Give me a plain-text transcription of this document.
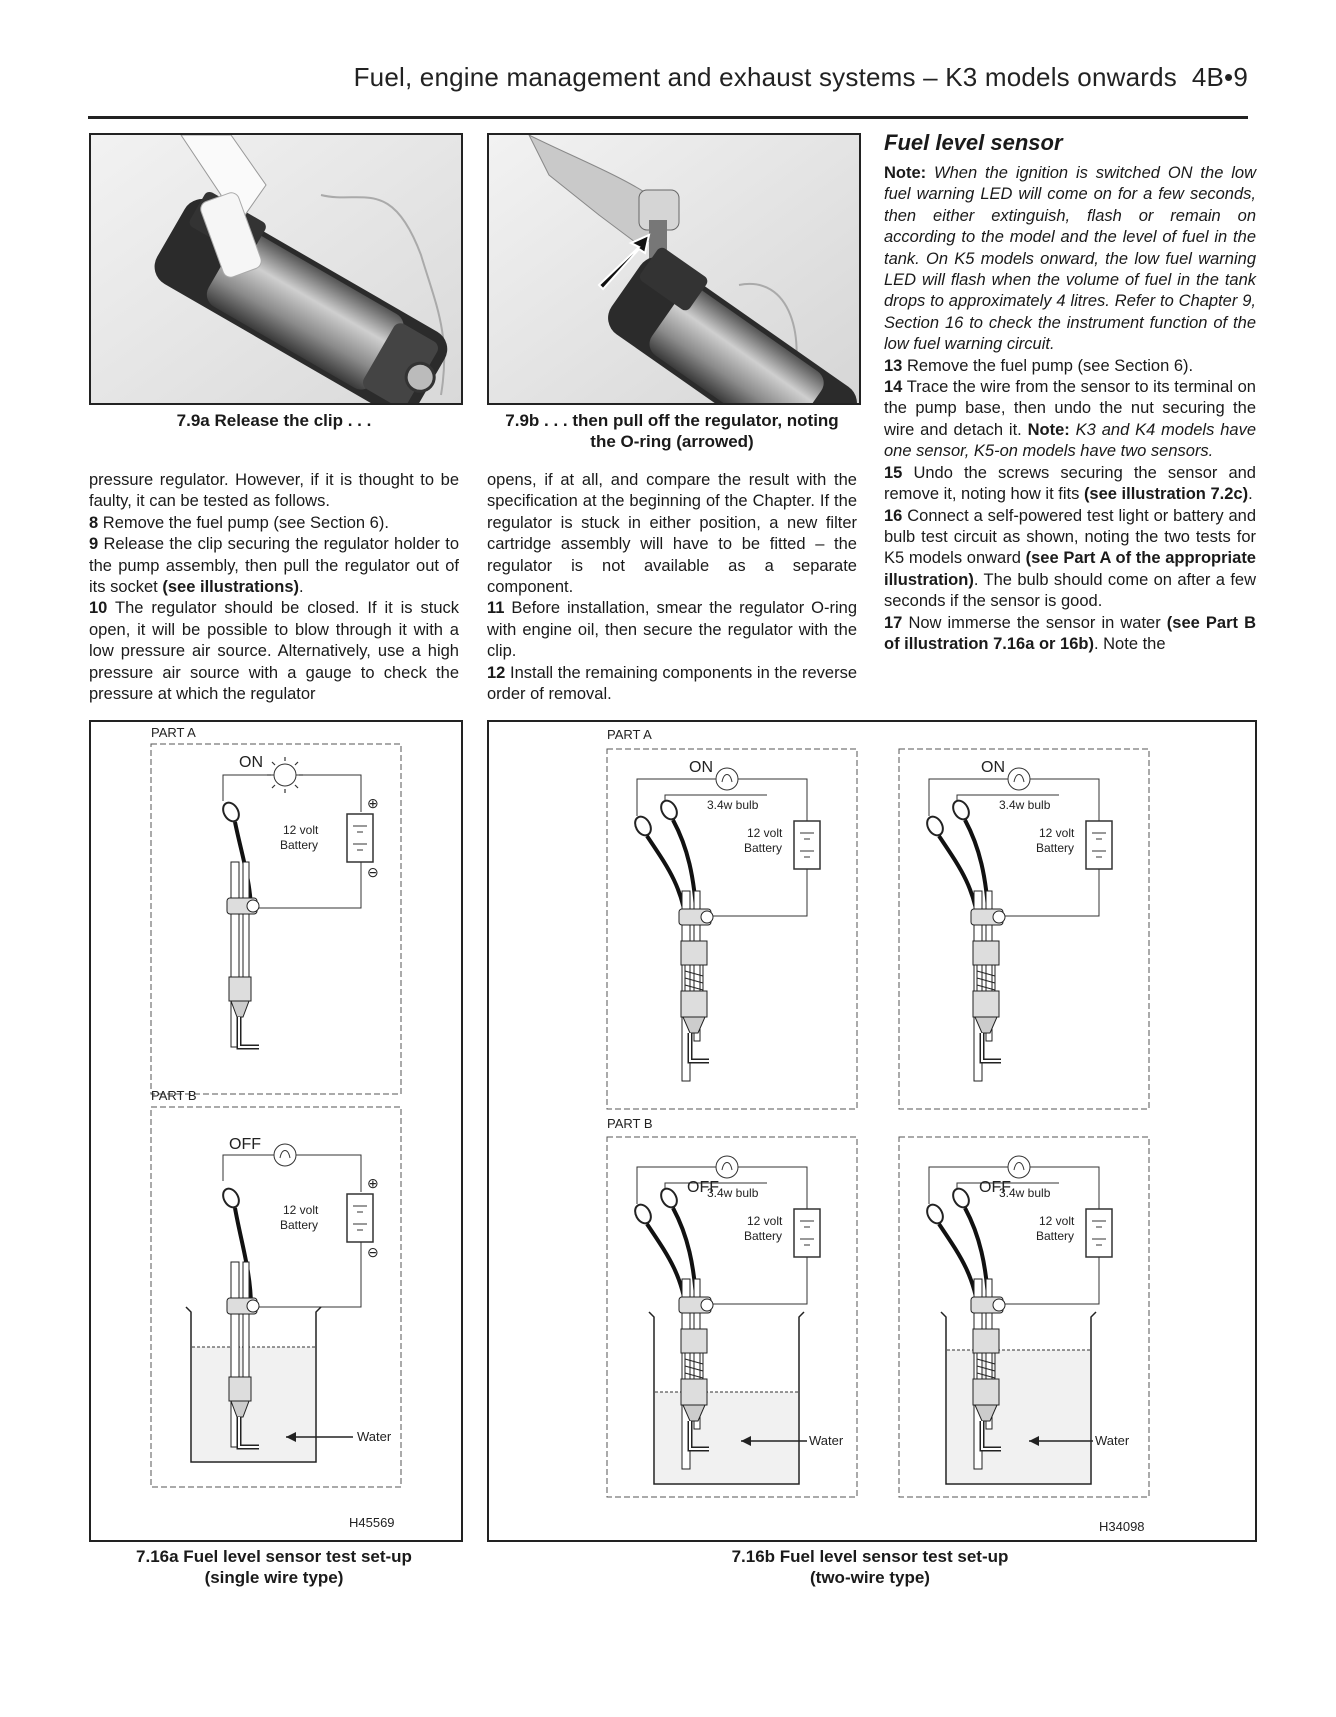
Fuel, engine management and exhaust systems – K3 models onwards 4B•9
7.9a Release the clip . . .	7.9b . . . then pull off the regulator, noting
the O-ring (arrowed)

pressure regulator. However, if it is thought to be faulty, it can be tested as follows.

8 Remove the fuel pump (see Section 6).

9 Release the clip securing the regulator holder to the pump assembly, then pull the regulator out of its socket (see illustrations).

10 The regulator should be closed. If it is stuck open, it will be possible to blow through it with a low pressure air source. Alternatively, use a high pressure air source with a gauge to check the pressure at which the regulator

opens, if at all, and compare the result with the specification at the beginning of the Chapter. If the regulator is stuck in either position, a new filter cartridge assembly will have to be fitted – the regulator is not available as a separate component.

11 Before installation, smear the regulator O-ring with engine oil, then secure the regulator with the clip.

12 Install the remaining components in the reverse order of removal.

Fuel level sensor

Note: When the ignition is switched ON the low fuel warning LED will come on for a few seconds, then either extinguish, flash or remain on according to the model and the level of fuel in the tank. On K5 models onward, the low fuel warning LED will flash when the volume of fuel in the tank drops to approximately 4 litres. Refer to Chapter 9, Section 16 to check the instrument function of the low fuel warning circuit.

13 Remove the fuel pump (see Section 6).

14 Trace the wire from the sensor to its terminal on the pump base, then undo the nut securing the wire and detach it. Note: K3 and K4 models have one sensor, K5-on models have two sensors.

15 Undo the screws securing the sensor and remove it, noting how it fits (see illustration 7.2c).

16 Connect a self-powered test light or battery and bulb test circuit as shown, noting the two tests for K5 models onward (see Part A of the appropriate illustration). The bulb should come on after a few seconds if the sensor is good.

17 Now immerse the sensor in water (see Part B of illustration 7.16a or 16b). Note the

PART A
ON
⊕
12 volt
Battery
⊖
PART B
OFF
⊕
12 volt
Battery
⊖
Water
H45569
7.16a Fuel level sensor test set-up
(single wire type)
PART A
ON
3.4w bulb
12 volt
Battery
ON
3.4w bulb
12 volt
Battery
PART B
OFF
3.4w bulb
12 volt
Battery
Water
OFF
3.4w bulb
12 volt
Battery
Water
H34098
7.16b Fuel level sensor test set-up
(two-wire type)
